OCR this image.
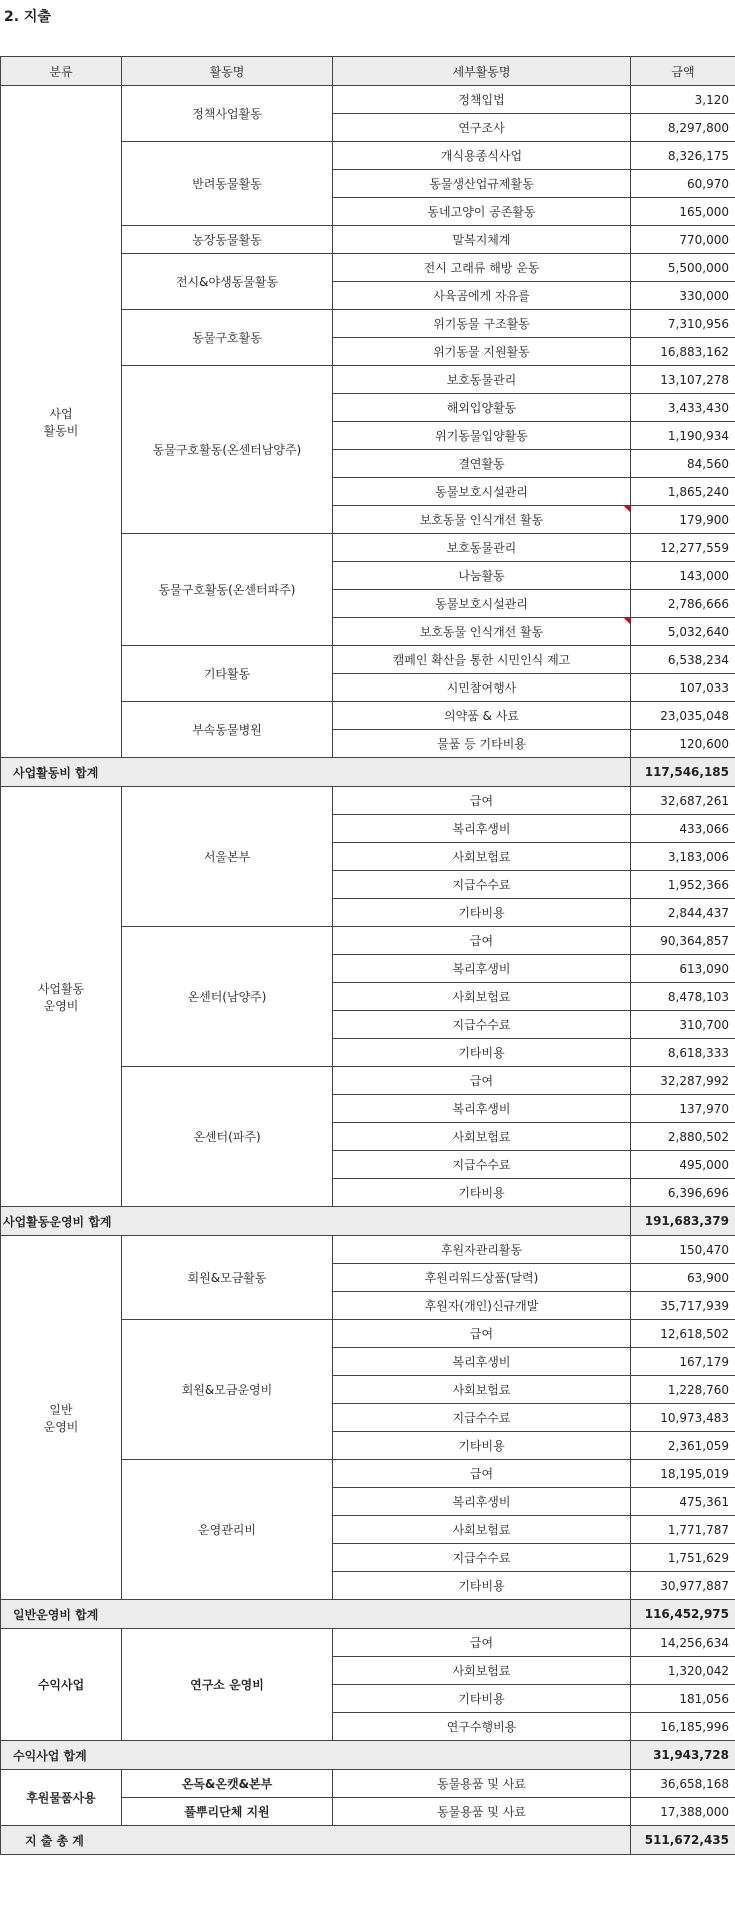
2. 지출
분류	활동명	세부활동명	금액
사업
활동비	정책사업활동	정책입법	3,120
		연구조사	8,297,800
	반려동물활동	개식용종식사업	8,326,175
		동물생산업규제활동	60,970
		동네고양이 공존활동	165,000
	농장동물활동	말복지체계	770,000
	전시&야생동물활동	전시 고래류 해방 운동	5,500,000
		사육곰에게 자유를	330,000
	동물구호활동	위기동물 구조활동	7,310,956
		위기동물 지원활동	16,883,162
	동물구호활동(온센터남양주)	보호동물관리	13,107,278
		해외입양활동	3,433,430
		위기동물입양활동	1,190,934
		결연활동	84,560
		동물보호시설관리	1,865,240
		보호동물 인식개선 활동	179,900
	동물구호활동(온센터파주)	보호동물관리	12,277,559
		나눔활동	143,000
		동물보호시설관리	2,786,666
		보호동물 인식개선 활동	5,032,640
	기타활동	캠페인 확산을 통한 시민인식 제고	6,538,234
		시민참여행사	107,033
	부속동물병원	의약품 & 사료	23,035,048
		물품 등 기타비용	120,600
사업활동비 합계			117,546,185
사업활동
운영비	서울본부	급여	32,687,261
		복리후생비	433,066
		사회보험료	3,183,006
		지급수수료	1,952,366
		기타비용	2,844,437
	온센터(남양주)	급여	90,364,857
		복리후생비	613,090
		사회보험료	8,478,103
		지급수수료	310,700
		기타비용	8,618,333
	온센터(파주)	급여	32,287,992
		복리후생비	137,970
		사회보험료	2,880,502
		지급수수료	495,000
		기타비용	6,396,696
사업활동운영비 합계			191,683,379
일반
운영비	회원&모금활동	후원자관리활동	150,470
		후원리워드상품(달력)	63,900
		후원자(개인)신규개발	35,717,939
	회원&모금운영비	급여	12,618,502
		복리후생비	167,179
		사회보험료	1,228,760
		지급수수료	10,973,483
		기타비용	2,361,059
	운영관리비	급여	18,195,019
		복리후생비	475,361
		사회보험료	1,771,787
		지급수수료	1,751,629
		기타비용	30,977,887
일반운영비 합계			116,452,975
수익사업	연구소 운영비	급여	14,256,634
		사회보험료	1,320,042
		기타비용	181,056
		연구수행비용	16,185,996
수익사업 합계			31,943,728
후원물품사용	온독&온캣&본부	동물용품 및 사료	36,658,168
	풀뿌리단체 지원	동물용품 및 사료	17,388,000
지 출 총 계			511,672,435
